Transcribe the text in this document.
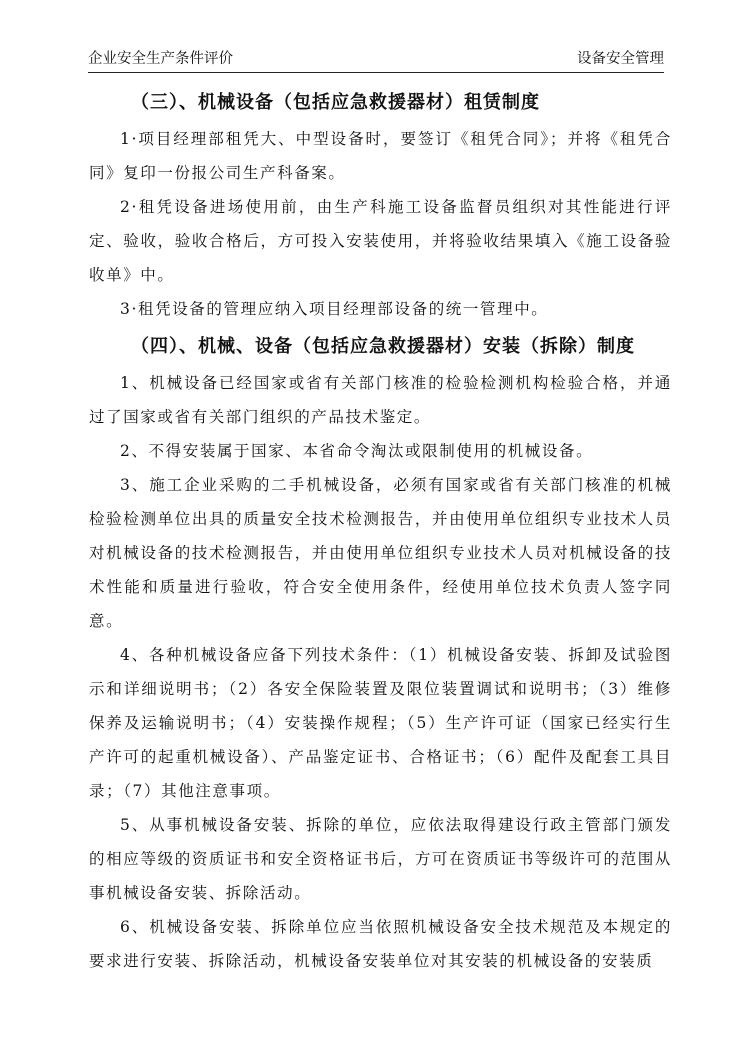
企业安全生产条件评价	设备安全管理
（三）、机械设备（包括应急救援器材）租赁制度

1·项目经理部租凭大、中型设备时，要签订《租凭合同》；并将《租凭合同》复印一份报公司生产科备案。

2·租凭设备进场使用前，由生产科施工设备监督员组织对其性能进行评定、验收，验收合格后，方可投入安装使用，并将验收结果填入《施工设备验收单》中。

3·租凭设备的管理应纳入项目经理部设备的统一管理中。

（四）、机械、设备（包括应急救援器材）安装（拆除）制度

1、机械设备已经国家或省有关部门核准的检验检测机构检验合格，并通过了国家或省有关部门组织的产品技术鉴定。

2、不得安装属于国家、本省命令淘汰或限制使用的机械设备。

3、施工企业采购的二手机械设备，必须有国家或省有关部门核准的机械检验检测单位出具的质量安全技术检测报告，并由使用单位组织专业技术人员对机械设备的技术检测报告，并由使用单位组织专业技术人员对机械设备的技术性能和质量进行验收，符合安全使用条件，经使用单位技术负责人签字同意。

4、各种机械设备应备下列技术条件：（1）机械设备安装、拆卸及试验图示和详细说明书；（2）各安全保险装置及限位装置调试和说明书；（3）维修保养及运输说明书；（4）安装操作规程；（5）生产许可证（国家已经实行生产许可的起重机械设备）、产品鉴定证书、合格证书；（6）配件及配套工具目录；（7）其他注意事项。

5、从事机械设备安装、拆除的单位，应依法取得建设行政主管部门颁发的相应等级的资质证书和安全资格证书后，方可在资质证书等级许可的范围从事机械设备安装、拆除活动。

6、机械设备安装、拆除单位应当依照机械设备安全技术规范及本规定的要求进行安装、拆除活动，机械设备安装单位对其安装的机械设备的安装质
